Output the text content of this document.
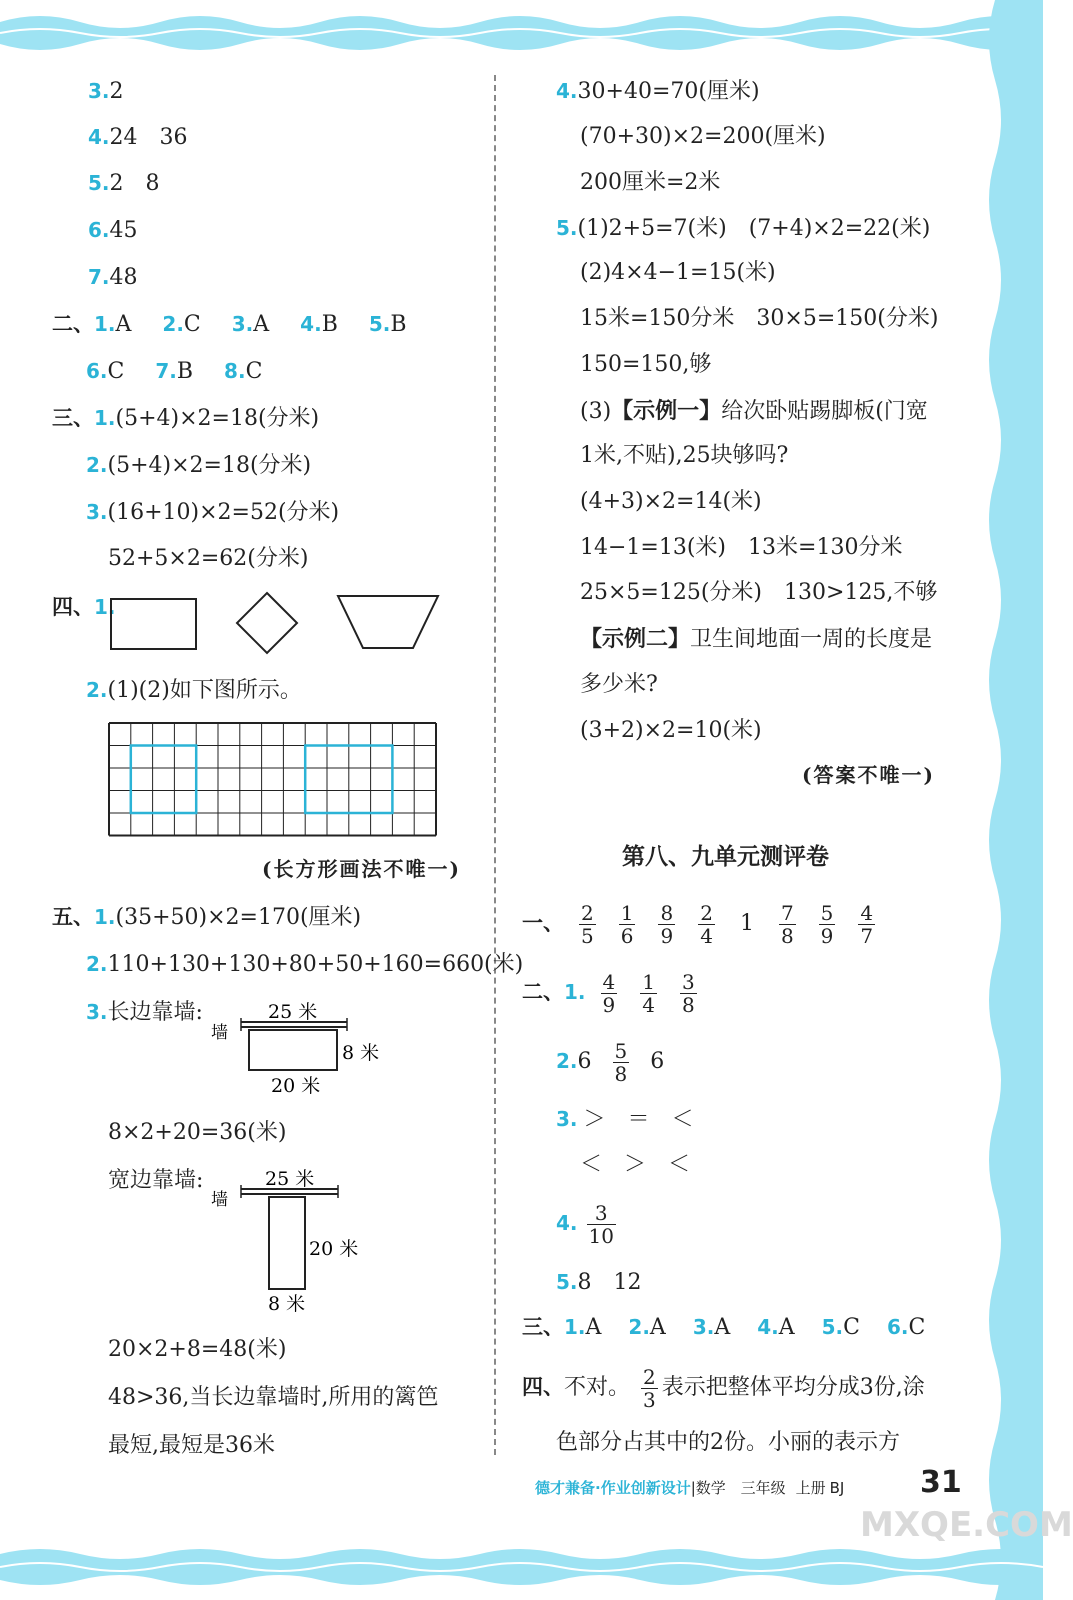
3.2
4.24　36
5.2　8
6.45
7.48
二、1.A 2.C 3.A 4.B 5.B
6.C 7.B 8.C
三、1.(5+4)×2=18(分米)
2.(5+4)×2=18(分米)
3.(16+10)×2=52(分米)
52+5×2=62(分米)
四、1.
2.(1)(2)如下图所示。
(长方形画法不唯一)
五、1.(35+50)×2=170(厘米)
2.110+130+130+80+50+160=660(米)
3.长边靠墙:	25 米
墙
8 米
20 米
8×2+20=36(米)
宽边靠墙:	25 米
墙
20 米
8 米
20×2+8=48(米)
48>36,当长边靠墙时,所用的篱笆
最短,最短是36米
4.30+40=70(厘米)
(70+30)×2=200(厘米)
200厘米=2米
5.(1)2+5=7(米)　(7+4)×2=22(米)
(2)4×4−1=15(米)
15米=150分米　30×5=150(分米)
150=150,够
(3)【示例一】给次卧贴踢脚板(门宽
1米,不贴),25块够吗?
(4+3)×2=14(米)
14−1=13(米)　13米=130分米
25×5=125(分米)　130>125,不够
【示例二】卫生间地面一周的长度是
多少米?
(3+2)×2=10(米)
(答案不唯一)
第八、九单元测评卷
一、 $\frac{2}{5}$
$\frac{1}{6}$
$\frac{8}{9}$
$\frac{2}{4} 1 \frac{7}{8}$
$\frac{5}{9}$
$\frac{4}{7}$
二、1. $\frac{4}{9}$
$\frac{1}{4}$
$\frac{3}{8}$
$2.6 \frac{5}{8} 6$
3. ＞　＝　＜
＜　＞　＜
4. $\frac{3}{10}$
5.8　12
三、1.A 2.A 3.A 4.A 5.C 6.C
四、不对。 $\frac{2}{3}$ 表示把整体平均分成3份,涂
色部分占其中的2份。小丽的表示方
德才兼备·作业创新设计|数学 三年级 上册 BJ	31
MXQE.COM
